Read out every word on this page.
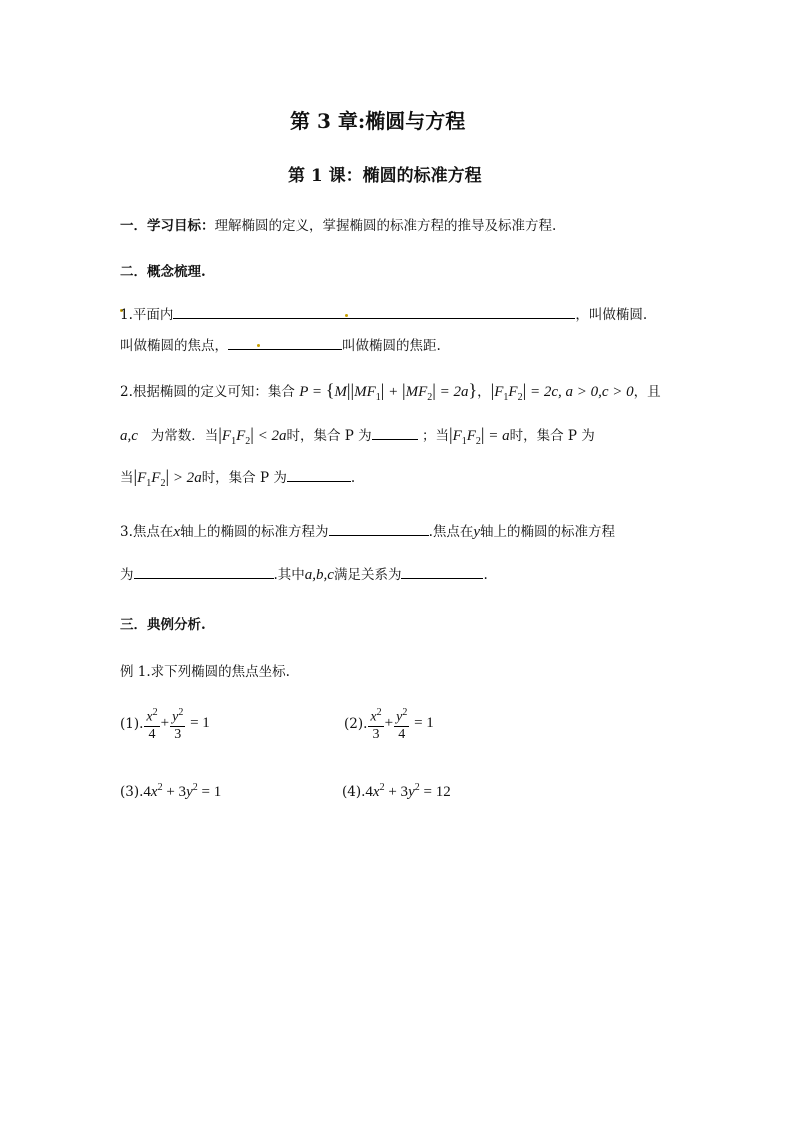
第 3 章:椭圆与方程
第 1 课：椭圆的标准方程
一．学习目标：理解椭圆的定义，掌握椭圆的标准方程的推导及标准方程.
二．概念梳理.
1.平面内	，叫做椭圆.
叫做椭圆的焦点，	叫做椭圆的焦距.
2.根据椭圆的定义可知：集合 $P = \{M||MF_1| + |MF_2| = 2a\}$，$|F_1F_2| = 2c$, a > 0,c > 0，且
a,c 为常数．当$|F_1F_2| < 2a$时，集合 P 为	；当$|F_1F_2| = a$时，集合 P 为
当$|F_1F_2| > 2a$时，集合 P 为	.
3.焦点在x轴上的椭圆的标准方程为	.焦点在y轴上的椭圆的标准方程
为	.其中a,b,c满足关系为	.
三．典例分析.
例 1.求下列椭圆的焦点坐标.
(1). $\frac{x^2}{4} + \frac{y^2}{3} = 1$	(2). $\frac{x^2}{3} + \frac{y^2}{4} = 1$
$(3).4x^2 + 3y^2 = 1$	$(4).4x^2 + 3y^2 = 12$
